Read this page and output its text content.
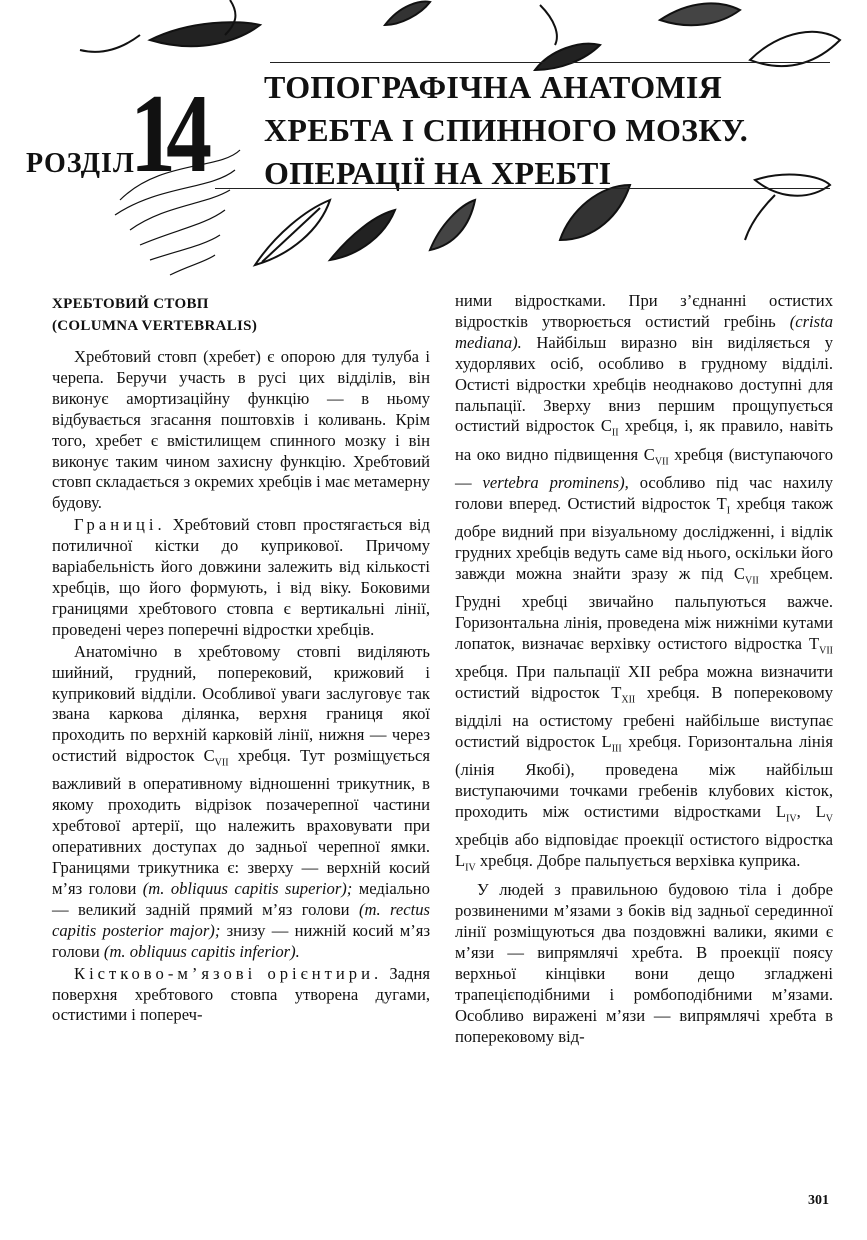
РОЗДІЛ
14 ТОПОГРАФІЧНА АНАТОМІЯ
ХРЕБТА І СПИННОГО МОЗКУ.
ОПЕРАЦІЇ НА ХРЕБТІ
ХРЕБТОВИЙ СТОВП
(COLUMNA VERTEBRALIS)

Хребтовий стовп (хребет) є опорою для тулуба і черепа. Беручи участь в русі цих відділів, він виконує амортизаційну функцію — в ньому відбувається згасання поштовхів і коливань. Крім того, хребет є вмістилищем спинного мозку і він виконує таким чином захисну функцію. Хребтовий стовп складається з окремих хребців і має метамерну будову.

Границі. Хребтовий стовп простягається від потиличної кістки до куприкової. Причому варіабельність його довжини залежить від кількості хребців, що його формують, і від віку. Боковими границями хребтового стовпа є вертикальні лінії, проведені через поперечні відростки хребців.

Анатомічно в хребтовому стовпі виділяють шийний, грудний, поперековий, крижовий і куприковий відділи. Особливої уваги заслуговує так звана каркова ділянка, верхня границя якої проходить по верхній карковій лінії, нижня — через остистий відросток $C_{VII}$ хребця. Тут розміщується важливий в оперативному відношенні трикутник, в якому проходить відрізок позачерепної частини хребтової артерії, що належить враховувати при оперативних доступах до задньої черепної ямки. Границями трикутника є: зверху — верхній косий м’яз голови (m. obliquus capitis superior); медіально — великий задній прямий м’яз голови (m. rectus capitis posterior major); знизу — нижній косий м’яз голови (m. obliquus capitis inferior).

Кістково-м’язові орієнтири. Задня поверхня хребтового стовпа утворена дугами, остистими і попереч-

ними відростками. При з’єднанні остистих відростків утворюється остистий гребінь (crista mediana). Найбільш виразно він виділяється у худорлявих осіб, особливо в грудному відділі. Остисті відростки хребців неоднаково доступні для пальпації. Зверху вниз першим прощупується остистий відросток $C_{II}$ хребця, і, як правило, навіть на око видно підвищення $C_{VII}$ хребця (виступаючого — vertebra prominens), особливо під час нахилу голови вперед. Остистий відросток $T_I$ хребця також добре видний при візуальному дослідженні, і відлік грудних хребців ведуть саме від нього, оскільки його завжди можна знайти зразу ж під $C_{VII}$ хребцем. Грудні хребці звичайно пальпуються важче. Горизонтальна лінія, проведена між нижніми кутами лопаток, визначає верхівку остистого відростка $T_{VII}$ хребця. При пальпації XII ребра можна визначити остистий відросток $T_{XII}$ хребця. В поперековому відділі на остистому гребені найбільше виступає остистий відросток $L_{III}$ хребця. Горизонтальна лінія (лінія Якобі), проведена між найбільш виступаючими точками гребенів клубових кісток, проходить між остистими відростками $L_{IV}$, $L_V$ хребців або відповідає проекції остистого відростка $L_{IV}$ хребця. Добре пальпується верхівка куприка.

У людей з правильною будовою тіла і добре розвиненими м’язами з боків від задньої серединної лінії розміщуються два поздовжні валики, якими є м’язи — випрямлячі хребта. В проекції поясу верхньої кінцівки вони дещо згладжені трапецієподібними і ромбоподібними м’язами. Особливо виражені м’язи — випрямлячі хребта в поперековому від-

301
